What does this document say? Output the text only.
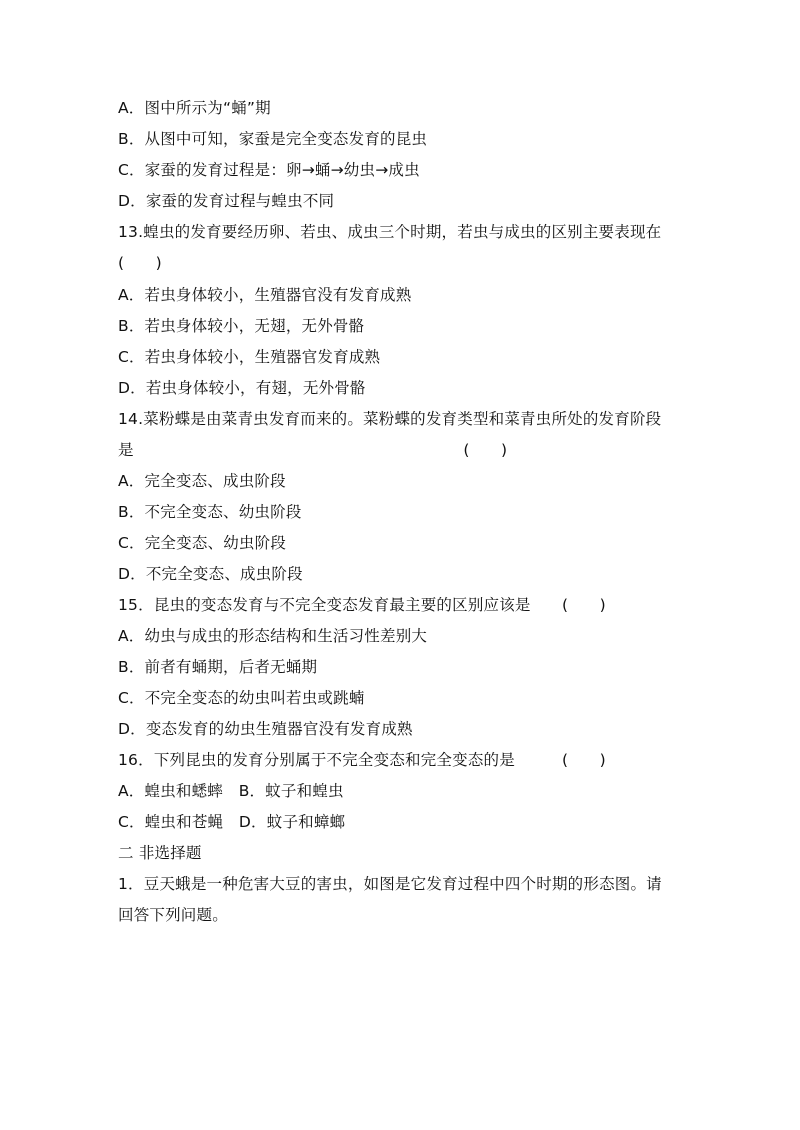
A．图中所示为“蛹”期
B．从图中可知，家蚕是完全变态发育的昆虫
C．家蚕的发育过程是：卵→蛹→幼虫→成虫
D．家蚕的发育过程与蝗虫不同
13.蝗虫的发育要经历卵、若虫、成虫三个时期，若虫与成虫的区别主要表现在
(　　)
A．若虫身体较小，生殖器官没有发育成熟
B．若虫身体较小，无翅，无外骨骼
C．若虫身体较小，生殖器官发育成熟
D．若虫身体较小，有翅，无外骨骼
14.菜粉蝶是由菜青虫发育而来的。菜粉蝶的发育类型和菜青虫所处的发育阶段
是　　　　　　　　　　　　　　　　　　　　　(　　)
A．完全变态、成虫阶段
B．不完全变态、幼虫阶段
C．完全变态、幼虫阶段
D．不完全变态、成虫阶段
15．昆虫的变态发育与不完全变态发育最主要的区别应该是　　(　　)
A．幼虫与成虫的形态结构和生活习性差别大
B．前者有蛹期，后者无蛹期
C．不完全变态的幼虫叫若虫或跳蝻
D．变态发育的幼虫生殖器官没有发育成熟
16．下列昆虫的发育分别属于不完全变态和完全变态的是　　　(　　)
A．蝗虫和蟋蟀　B．蚊子和蝗虫
C．蝗虫和苍蝇　D．蚊子和蟑螂
二 非选择题
1．豆天蛾是一种危害大豆的害虫，如图是它发育过程中四个时期的形态图。请
回答下列问题。
